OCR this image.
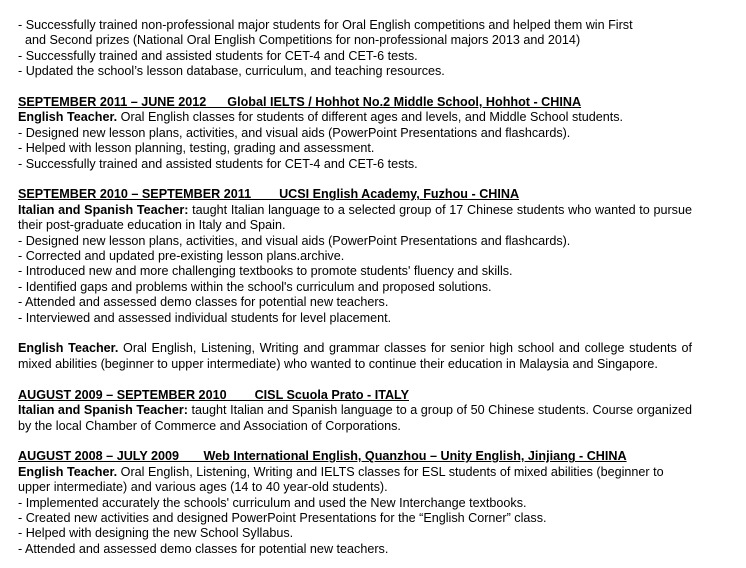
- Successfully trained non-professional major students for Oral English competitions and helped them win First
and Second prizes (National Oral English Competitions for non-professional majors 2013 and 2014)
- Successfully trained and assisted students for CET-4 and CET-6 tests.
- Updated the school’s lesson database, curriculum, and teaching resources.
SEPTEMBER 2011 – JUNE 2012      Global IELTS / Hohhot No.2 Middle School, Hohhot - CHINA
English Teacher. Oral English classes for students of different ages and levels, and Middle School students.
- Designed new lesson plans, activities, and visual aids (PowerPoint Presentations and flashcards).
- Helped with lesson planning, testing, grading and assessment.
- Successfully trained and assisted students for CET-4 and CET-6 tests.
SEPTEMBER 2010 – SEPTEMBER 2011        UCSI English Academy, Fuzhou - CHINA
Italian and Spanish Teacher: taught Italian language to a selected group of 17 Chinese students who wanted to pursue their post-graduate education in Italy and Spain.
- Designed new lesson plans, activities, and visual aids (PowerPoint Presentations and flashcards).
- Corrected and updated pre-existing lesson plans.archive.
- Introduced new and more challenging textbooks to promote students' fluency and skills.
- Identified gaps and problems within the school's curriculum and proposed solutions.
- Attended and assessed demo classes for potential new teachers.
- Interviewed and assessed individual students for level placement.
English Teacher. Oral English, Listening, Writing and grammar classes for senior high school and college students of mixed abilities (beginner to upper intermediate) who wanted to continue their education in Malaysia and Singapore.
AUGUST 2009 – SEPTEMBER 2010        CISL Scuola Prato - ITALY
Italian and Spanish Teacher: taught Italian and Spanish language to a group of 50 Chinese students. Course organized by the local Chamber of Commerce and Association of Corporations.
AUGUST 2008 – JULY 2009       Web International English, Quanzhou – Unity English, Jinjiang - CHINA
English Teacher. Oral English, Listening, Writing and IELTS classes for ESL students of mixed abilities (beginner to upper intermediate) and various ages (14 to 40 year-old students).
- Implemented accurately the schools' curriculum and used the New Interchange textbooks.
- Created new activities and designed PowerPoint Presentations for the “English Corner” class.
- Helped with designing the new School Syllabus.
- Attended and assessed demo classes for potential new teachers.
